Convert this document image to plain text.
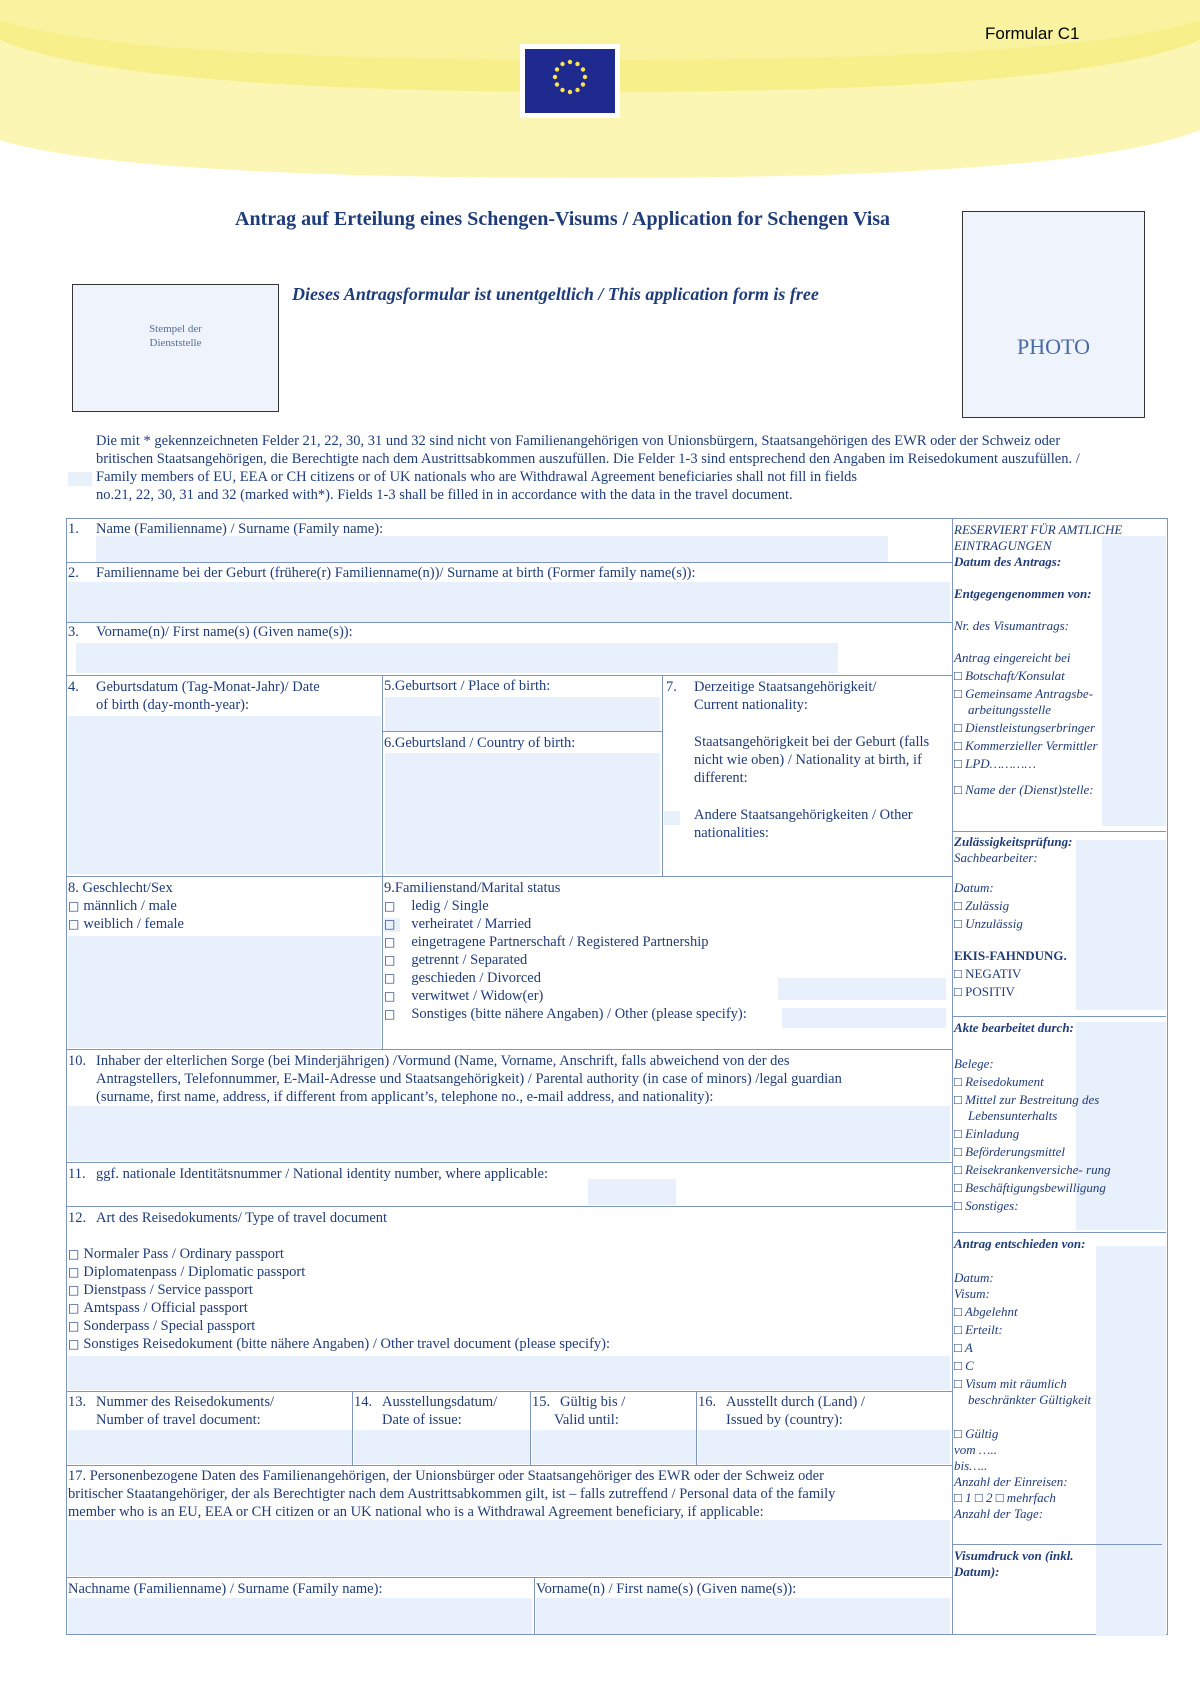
Formular C1
Antrag auf Erteilung eines Schengen-Visums / Application for Schengen Visa
Dieses Antragsformular ist unentgeltlich / This application form is free
Stempel der
Dienststelle	PHOTO
Die mit * gekennzeichneten Felder 21, 22, 30, 31 und 32 sind nicht von Familienangehörigen von Unionsbürgern, Staatsangehörigen des EWR oder der Schweiz oder
britischen Staatsangehörigen, die Berechtigte nach dem Austrittsabkommen auszufüllen. Die Felder 1-3 sind entsprechend den Angaben im Reisedokument auszufüllen. /
Family members of EU, EEA or CH citizens or of UK nationals who are Withdrawal Agreement beneficiaries shall not fill in fields
no.21, 22, 30, 31 and 32 (marked with*). Fields 1-3 shall be filled in in accordance with the data in the travel document.
1. Name (Familienname) / Surname (Family name):
2. Familienname bei der Geburt (frühere(r) Familienname(n))/ Surname at birth (Former family name(s)):
3. Vorname(n)/ First name(s) (Given name(s)):
4. Geburtsdatum (Tag-Monat-Jahr)/ Date
of birth (day-month-year):
5.Geburtsort / Place of birth:
6.Geburtsland / Country of birth:
7. Derzeitige Staatsangehörigkeit/
Current nationality:
Staatsangehörigkeit bei der Geburt (falls
nicht wie oben) / Nationality at birth, if
different:
Andere Staatsangehörigkeiten / Other
nationalities:
8. Geschlecht/Sex
□ männlich / male
□ weiblich / female
9.Familienstand/Marital status
□ ledig / Single
□ verheiratet / Married
□ eingetragene Partnerschaft / Registered Partnership
□ getrennt / Separated
□ geschieden / Divorced
□ verwitwet / Widow(er)
□ Sonstiges (bitte nähere Angaben) / Other (please specify):
10. Inhaber der elterlichen Sorge (bei Minderjährigen) /Vormund (Name, Vorname, Anschrift, falls abweichend von der des
Antragstellers, Telefonnummer, E-Mail-Adresse und Staatsangehörigkeit) / Parental authority (in case of minors) /legal guardian
(surname, first name, address, if different from applicant’s, telephone no., e-mail address, and nationality):
11. ggf. nationale Identitätsnummer / National identity number, where applicable:
12. Art des Reisedokuments/ Type of travel document
□ Normaler Pass / Ordinary passport
□ Diplomatenpass / Diplomatic passport
□ Dienstpass / Service passport
□ Amtspass / Official passport
□ Sonderpass / Special passport
□ Sonstiges Reisedokument (bitte nähere Angaben) / Other travel document (please specify):
13. Nummer des Reisedokuments/
Number of travel document:
14. Ausstellungsdatum/
Date of issue:
15. Gültig bis /
Valid until:
16. Ausstellt durch (Land) /
Issued by (country):
17. Personenbezogene Daten des Familienangehörigen, der Unionsbürger oder Staatsangehöriger des EWR oder der Schweiz oder
britischer Staatangehöriger, der als Berechtigter nach dem Austrittsabkommen gilt, ist – falls zutreffend / Personal data of the family
member who is an EU, EEA or CH citizen or an UK national who is a Withdrawal Agreement beneficiary, if applicable:
Nachname (Familienname) / Surname (Family name):	Vorname(n) / First name(s) (Given name(s)):
RESERVIERT FÜR AMTLICHE
EINTRAGUNGEN
Datum des Antrags:
Entgegengenommen von:
Nr. des Visumantrags:
Antrag eingereicht bei
□ Botschaft/Konsulat
□ Gemeinsame Antragsbe-
arbeitungsstelle
□ Dienstleistungserbringer
□ Kommerzieller Vermittler
□ LPD…………
□ Name der (Dienst)stelle:
Zulässigkeitsprüfung:
Sachbearbeiter:
Datum:
□ Zulässig
□ Unzulässig
EKIS-FAHNDUNG.
□ NEGATIV
□ POSITIV
Akte bearbeitet durch:
Belege:
□ Reisedokument
□ Mittel zur Bestreitung des
Lebensunterhalts
□ Einladung
□ Beförderungsmittel
□ Reisekrankenversiche- rung
□ Beschäftigungsbewilligung
□ Sonstiges:
Antrag entschieden von:
Datum:
Visum:
□ Abgelehnt
□ Erteilt:
□ A
□ C
□ Visum mit räumlich
beschränkter Gültigkeit
□ Gültig
vom …..
bis…..
Anzahl der Einreisen:
□ 1 □ 2 □ mehrfach
Anzahl der Tage:
Visumdruck von (inkl.
Datum):
